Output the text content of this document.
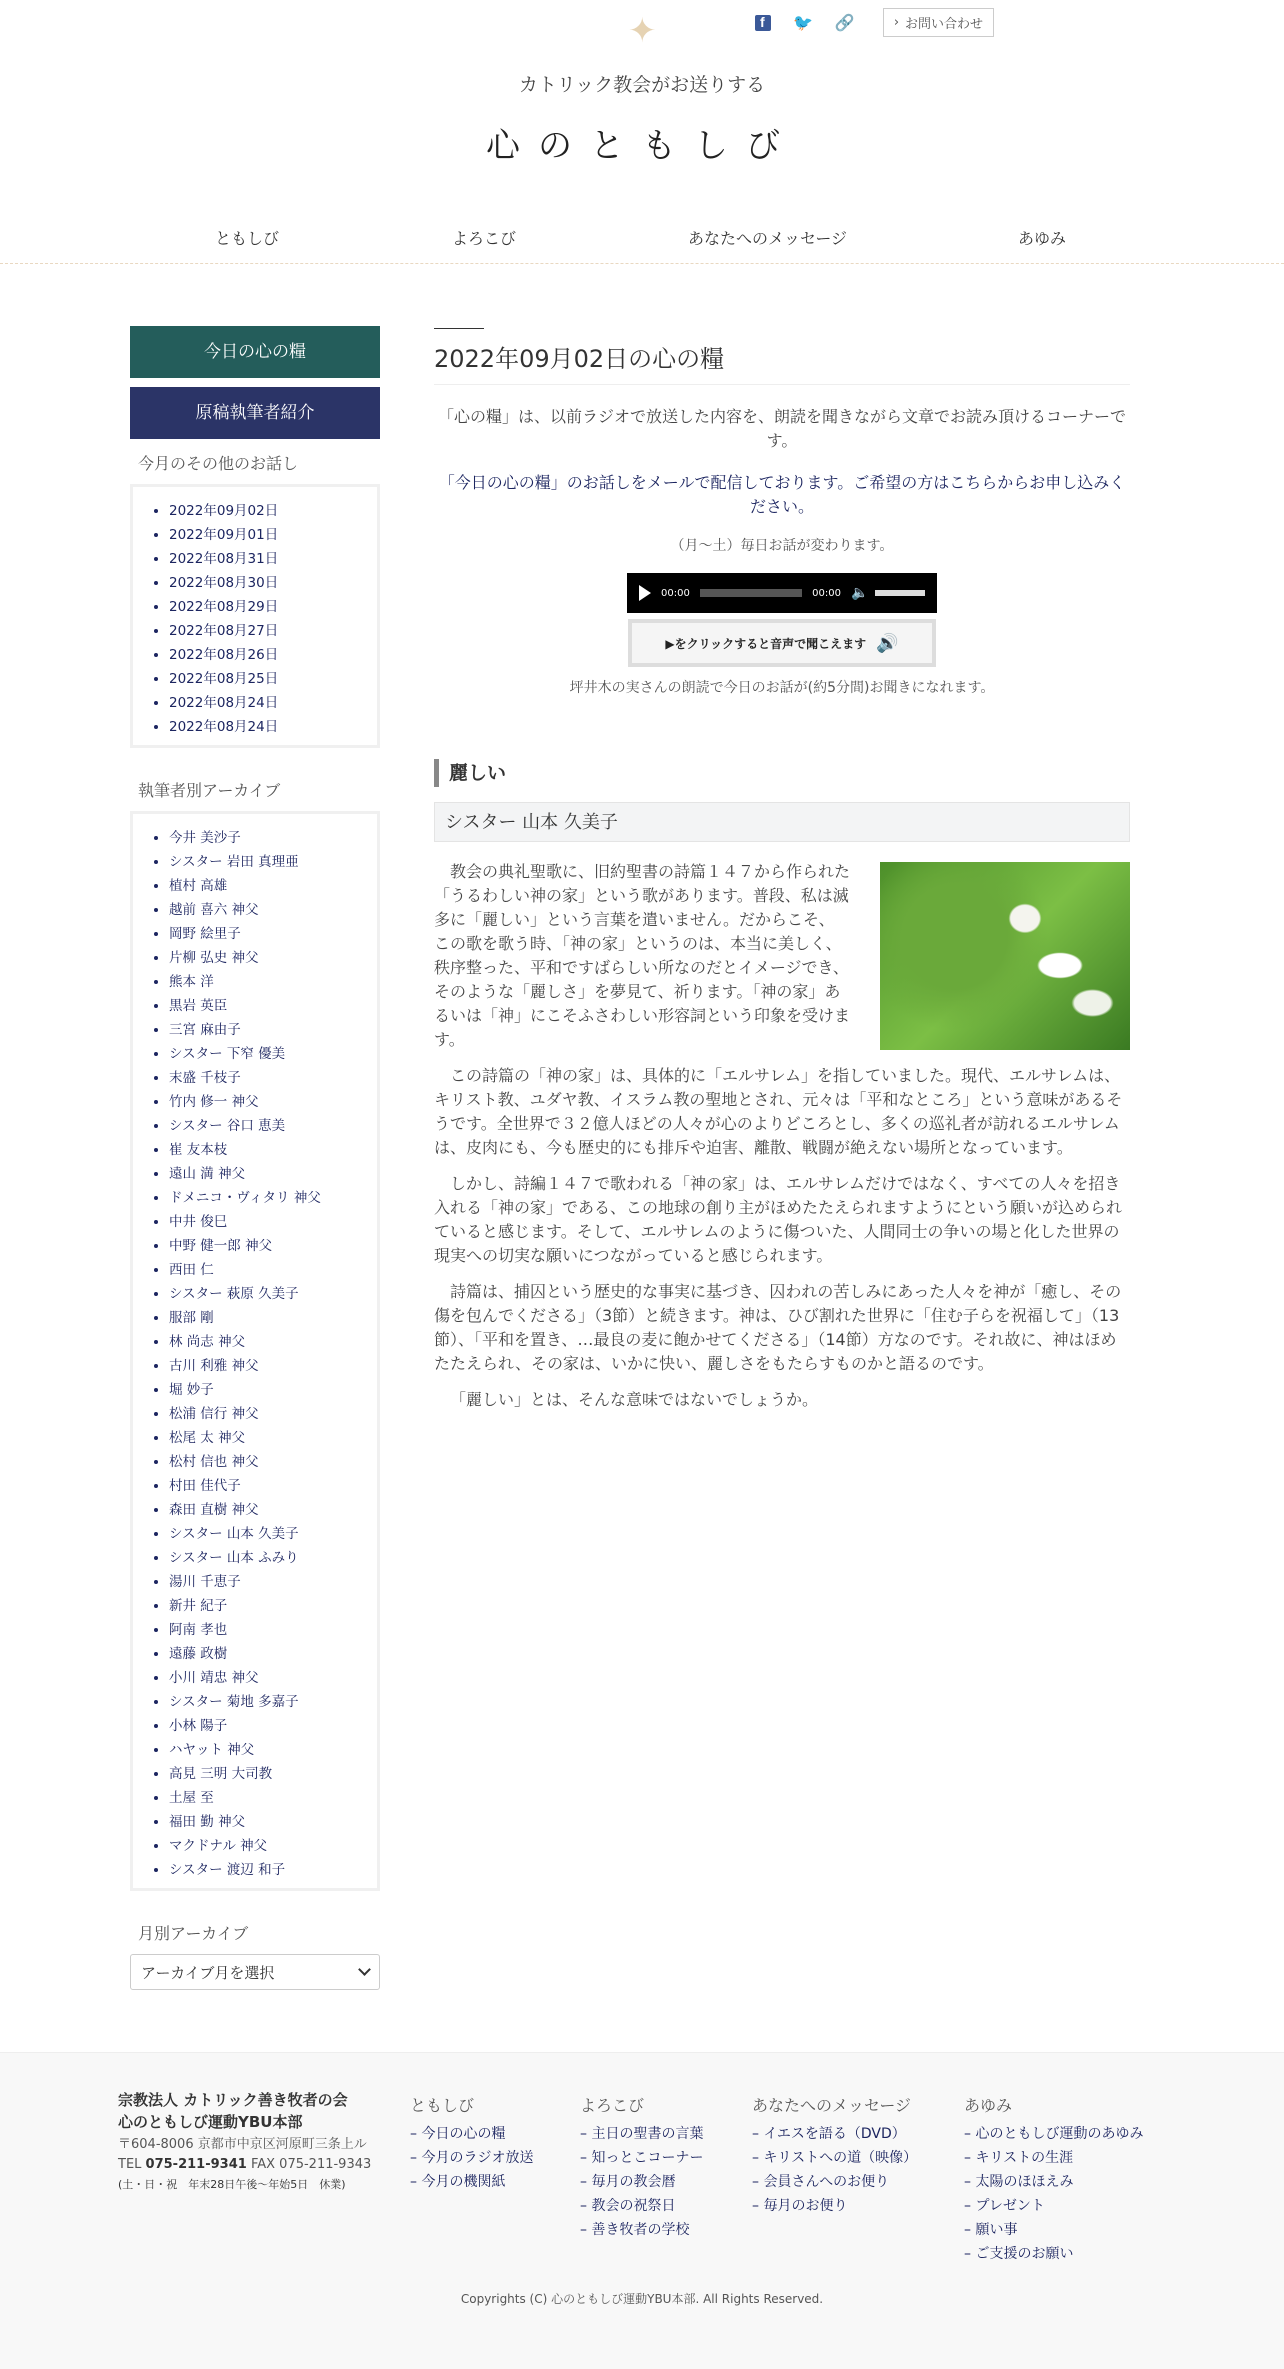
✦
f	🐦 🔗	› お問い合わせ
カトリック教会がお送りする
心のともしび
ともしび	よろこび	あなたへのメッセージ	あゆみ
今日の心の糧
原稿執筆者紹介
今月のその他のお話し
• 2022年09月02日
• 2022年09月01日
• 2022年08月31日
• 2022年08月30日
• 2022年08月29日
• 2022年08月27日
• 2022年08月26日
• 2022年08月25日
• 2022年08月24日
• 2022年08月24日
執筆者別アーカイブ
• 今井 美沙子
• シスター 岩田 真理亜
• 植村 高雄
• 越前 喜六 神父
• 岡野 絵里子
• 片柳 弘史 神父
• 熊本 洋
• 黒岩 英臣
• 三宮 麻由子
• シスター 下窄 優美
• 末盛 千枝子
• 竹内 修一 神父
• シスター 谷口 恵美
• 崔 友本枝
• 遠山 満 神父
• ドメニコ・ヴィタリ 神父
• 中井 俊巳
• 中野 健一郎 神父
• 西田 仁
• シスター 萩原 久美子
• 服部 剛
• 林 尚志 神父
• 古川 利雅 神父
• 堀 妙子
• 松浦 信行 神父
• 松尾 太 神父
• 松村 信也 神父
• 村田 佳代子
• 森田 直樹 神父
• シスター 山本 久美子
• シスター 山本 ふみり
• 湯川 千恵子
• 新井 紀子
• 阿南 孝也
• 遠藤 政樹
• 小川 靖忠 神父
• シスター 菊地 多嘉子
• 小林 陽子
• ハヤット 神父
• 高見 三明 大司教
• 土屋 至
• 福田 勤 神父
• マクドナル 神父
• シスター 渡辺 和子
月別アーカイブ
アーカイブ月を選択
2022年09月02日の心の糧

「心の糧」は、以前ラジオで放送した内容を、朗読を聞きながら文章でお読み頂けるコーナーです。

「今日の心の糧」のお話しをメールで配信しております。ご希望の方はこちらからお申し込みください。

（月～土）毎日お話が変わります。

00:00	00:00 🔈
▶をクリックすると音声で聞こえます 🔊

坪井木の実さんの朗読で今日のお話が(約5分間)お聞きになれます。

麗しい
シスター 山本 久美子

教会の典礼聖歌に、旧約聖書の詩篇１４７から作られた「うるわしい神の家」という歌があります。普段、私は滅多に「麗しい」という言葉を遣いません。だからこそ、この歌を歌う時、「神の家」というのは、本当に美しく、秩序整った、平和ですばらしい所なのだとイメージでき、そのような「麗しさ」を夢見て、祈ります。「神の家」あるいは「神」にこそふさわしい形容詞という印象を受けます。

この詩篇の「神の家」は、具体的に「エルサレム」を指していました。現代、エルサレムは、キリスト教、ユダヤ教、イスラム教の聖地とされ、元々は「平和なところ」という意味があるそうです。全世界で３２億人ほどの人々が心のよりどころとし、多くの巡礼者が訪れるエルサレムは、皮肉にも、今も歴史的にも排斥や迫害、離散、戦闘が絶えない場所となっています。

しかし、詩編１４７で歌われる「神の家」は、エルサレムだけではなく、すべての人々を招き入れる「神の家」である、この地球の創り主がほめたたえられますようにという願いが込められていると感じます。そして、エルサレムのように傷ついた、人間同士の争いの場と化した世界の現実への切実な願いにつながっていると感じられます。

詩篇は、捕囚という歴史的な事実に基づき、囚われの苦しみにあった人々を神が「癒し、その傷を包んでくださる」（3節）と続きます。神は、ひび割れた世界に「住む子らを祝福して」（13節）、「平和を置き、…最良の麦に飽かせてくださる」（14節）方なのです。それ故に、神はほめたたえられ、その家は、いかに快い、麗しさをもたらすものかと語るのです。

「麗しい」とは、そんな意味ではないでしょうか。

宗教法人 カトリック善き牧者の会
心のともしび運動YBU本部
〒604-8006 京都市中京区河原町三条上ル
TEL 075-211-9341 FAX 075-211-9343
(土・日・祝　年末28日午後〜年始5日　休業)
ともしび
– 今日の心の糧
– 今月のラジオ放送
– 今月の機関紙
よろこび
– 主日の聖書の言葉
– 知っとこコーナー
– 毎月の教会暦
– 教会の祝祭日
– 善き牧者の学校
あなたへのメッセージ
– イエスを語る（DVD）
– キリストへの道（映像）
– 会員さんへのお便り
– 毎月のお便り
あゆみ
– 心のともしび運動のあゆみ
– キリストの生涯
– 太陽のほほえみ
– プレゼント
– 願い事
– ご支援のお願い
Copyrights (C) 心のともしび運動YBU本部. All Rights Reserved.
